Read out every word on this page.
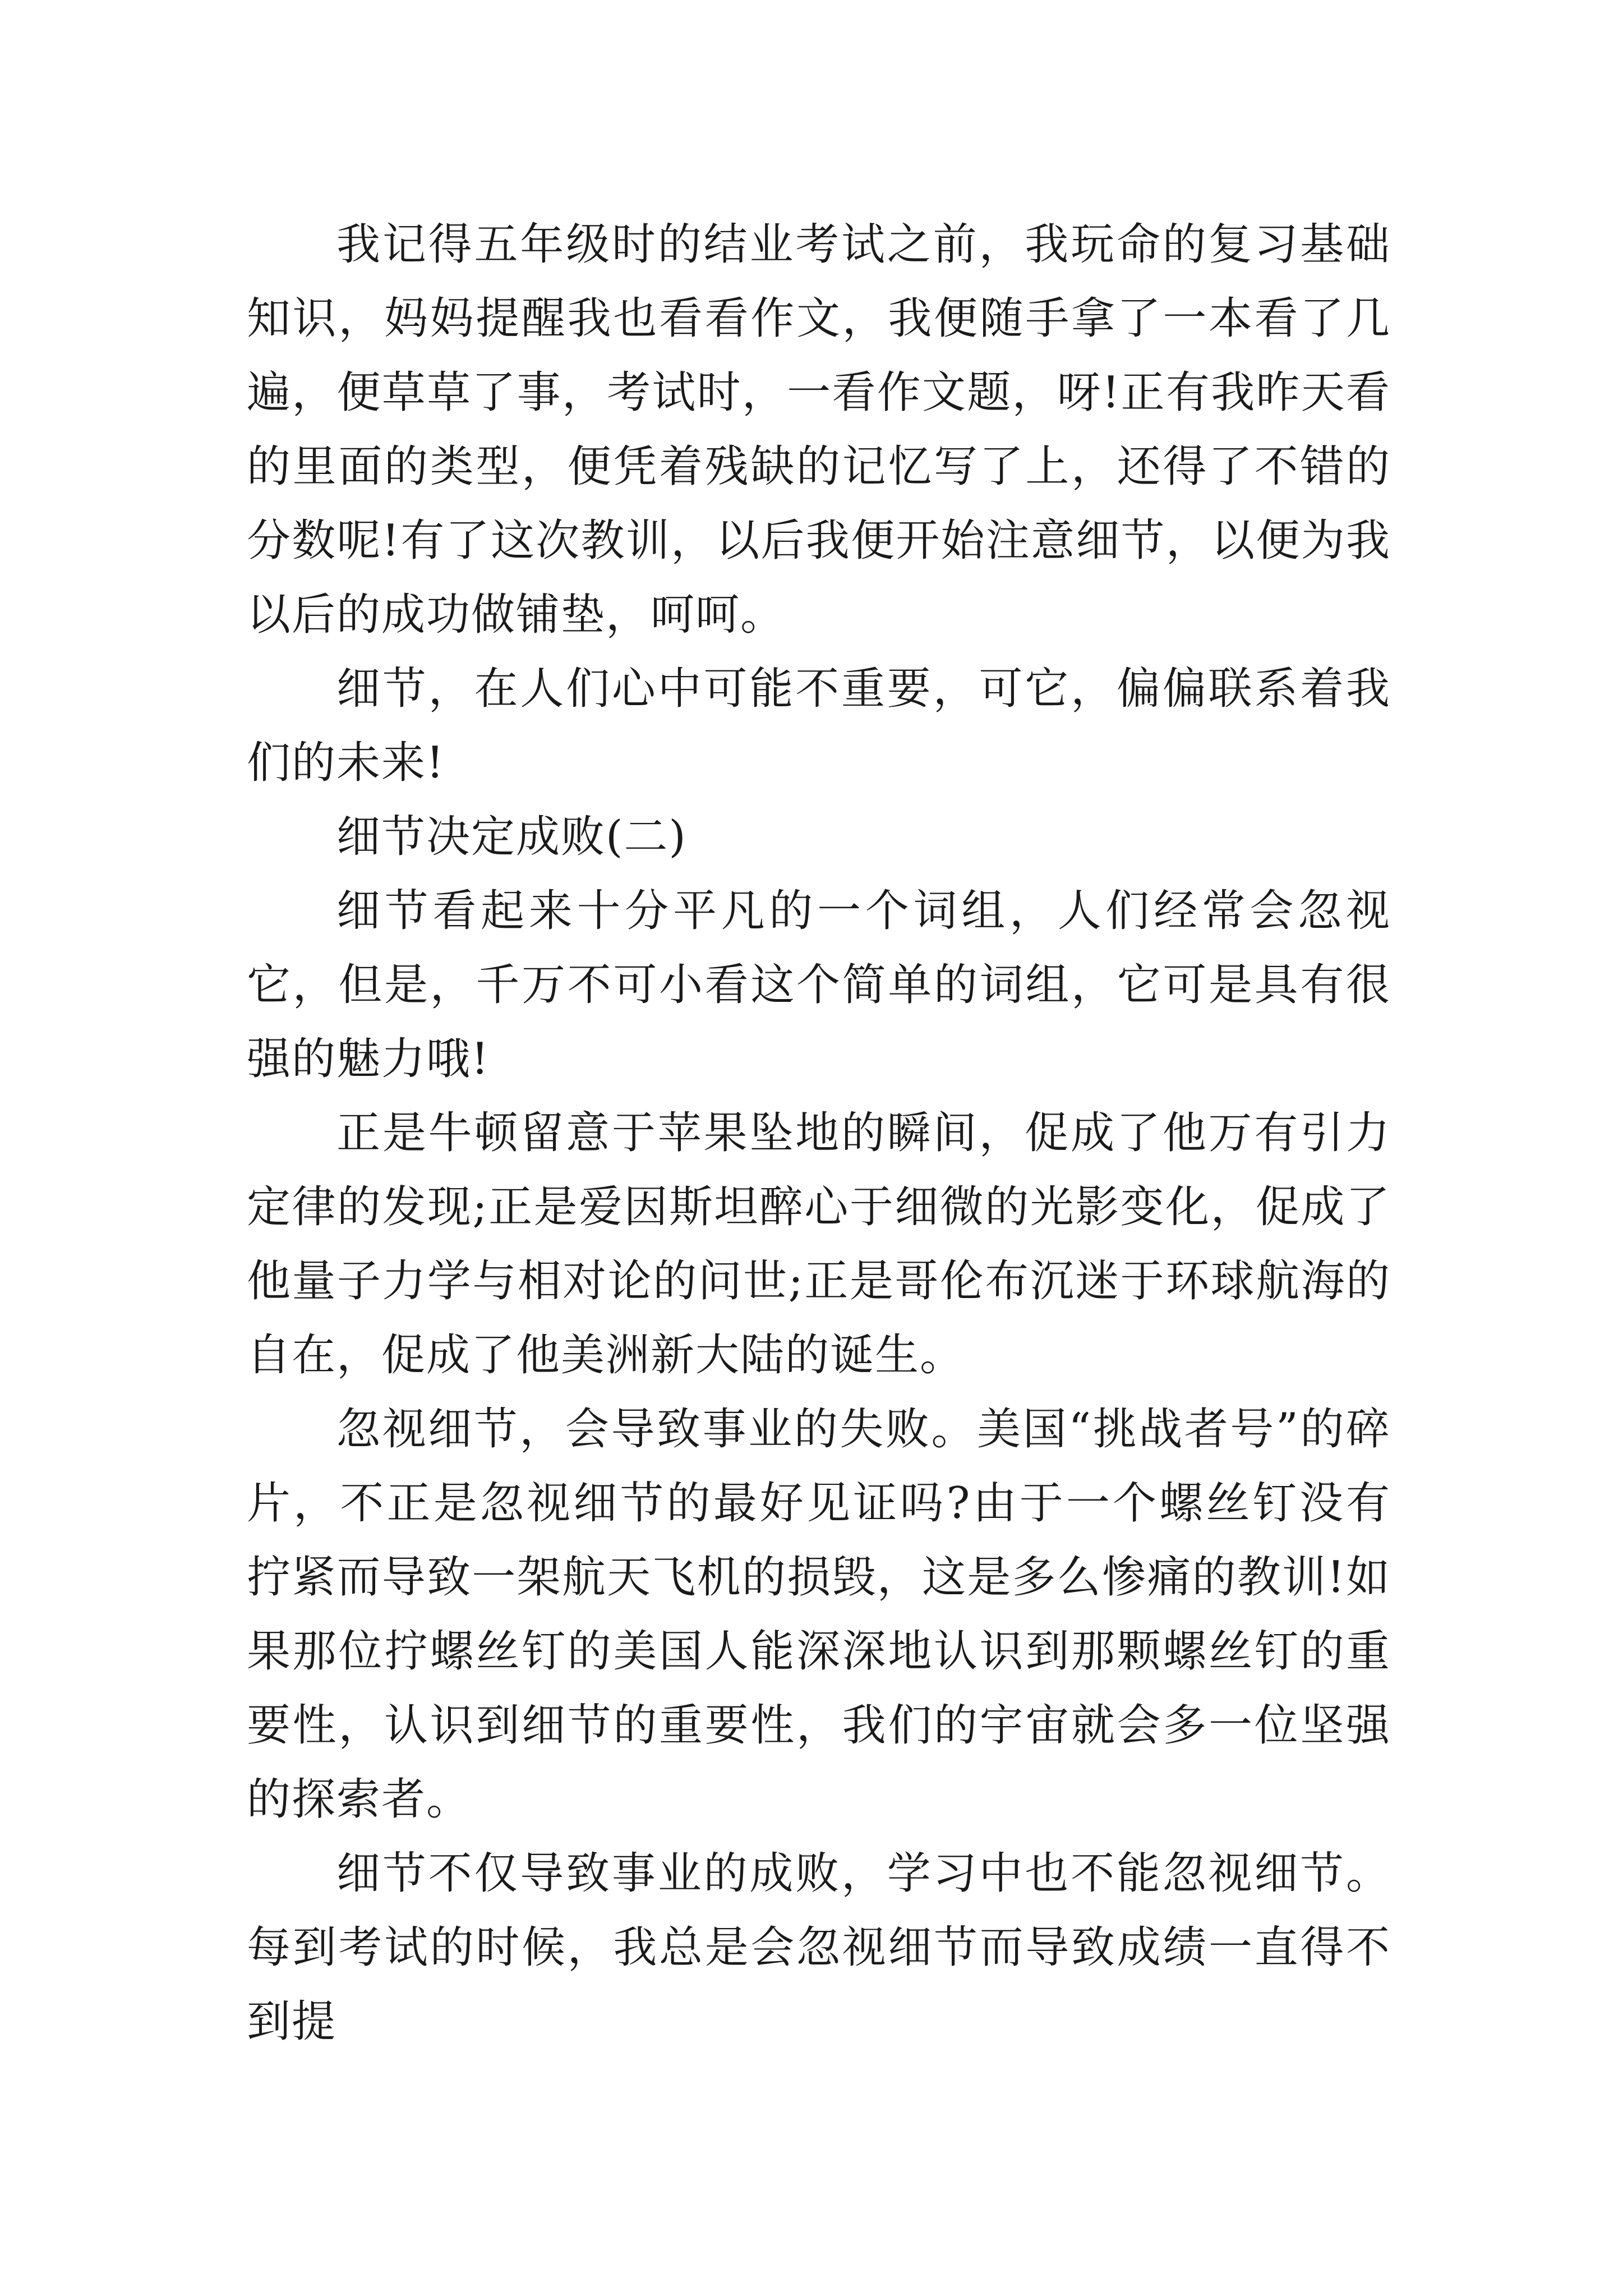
我记得五年级时的结业考试之前，我玩命的复习基础知识，妈妈提醒我也看看作文，我便随手拿了一本看了几遍，便草草了事，考试时，一看作文题，呀!正有我昨天看的里面的类型，便凭着残缺的记忆写了上，还得了不错的分数呢!有了这次教训，以后我便开始注意细节，以便为我以后的成功做铺垫，呵呵。

细节，在人们心中可能不重要，可它，偏偏联系着我们的未来!

细节决定成败(二)

细节看起来十分平凡的一个词组，人们经常会忽视它，但是，千万不可小看这个简单的词组，它可是具有很强的魅力哦!

正是牛顿留意于苹果坠地的瞬间，促成了他万有引力定律的发现;正是爱因斯坦醉心于细微的光影变化，促成了他量子力学与相对论的问世;正是哥伦布沉迷于环球航海的自在，促成了他美洲新大陆的诞生。

忽视细节，会导致事业的失败。美国“挑战者号”的碎片，不正是忽视细节的最好见证吗?由于一个螺丝钉没有拧紧而导致一架航天飞机的损毁，这是多么惨痛的教训!如果那位拧螺丝钉的美国人能深深地认识到那颗螺丝钉的重要性，认识到细节的重要性，我们的宇宙就会多一位坚强的探索者。

细节不仅导致事业的成败，学习中也不能忽视细节。每到考试的时候，我总是会忽视细节而导致成绩一直得不到提
